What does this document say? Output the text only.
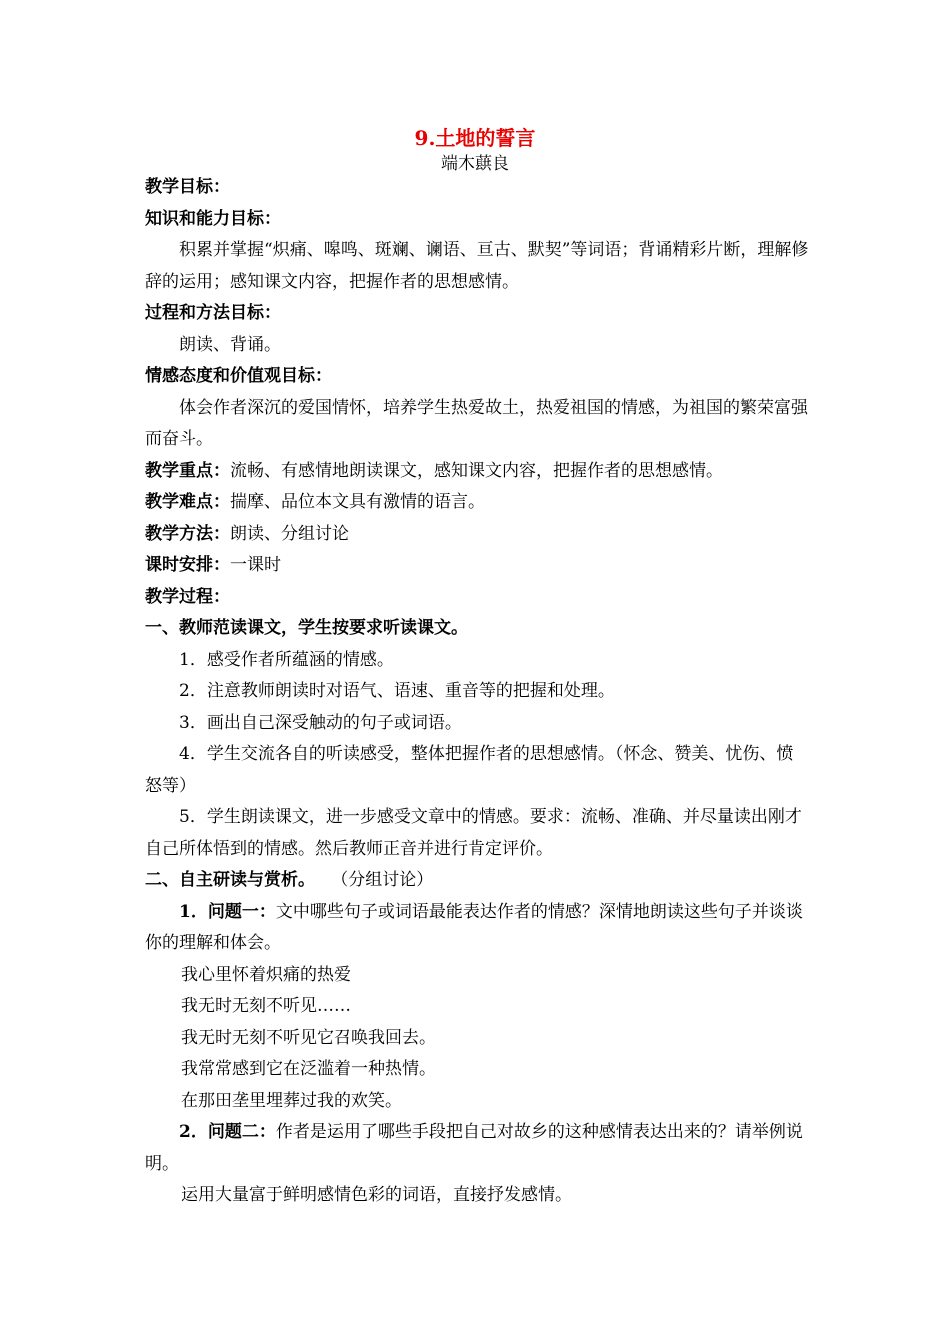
9.土地的誓言
端木蕻良

教学目标：

知识和能力目标：

积累并掌握“炽痛、嗥鸣、斑斓、谰语、亘古、默契”等词语；背诵精彩片断，理解修辞的运用；感知课文内容，把握作者的思想感情。

过程和方法目标：

朗读、背诵。

情感态度和价值观目标：

体会作者深沉的爱国情怀，培养学生热爱故土，热爱祖国的情感，为祖国的繁荣富强而奋斗。

教学重点：流畅、有感情地朗读课文，感知课文内容，把握作者的思想感情。

教学难点：揣摩、品位本文具有激情的语言。

教学方法：朗读、分组讨论

课时安排：一课时

教学过程：

一、教师范读课文，学生按要求听读课文。

1．感受作者所蕴涵的情感。

2．注意教师朗读时对语气、语速、重音等的把握和处理。

3．画出自己深受触动的句子或词语。

4．学生交流各自的听读感受，整体把握作者的思想感情。（怀念、赞美、忧伤、愤怒等）

5．学生朗读课文，进一步感受文章中的情感。要求：流畅、准确、并尽量读出刚才自己所体悟到的情感。然后教师正音并进行肯定评价。

二、自主研读与赏析。 （分组讨论）

1．问题一：文中哪些句子或词语最能表达作者的情感？深情地朗读这些句子并谈谈你的理解和体会。

我心里怀着炽痛的热爱

我无时无刻不听见……

我无时无刻不听见它召唤我回去。

我常常感到它在泛滥着一种热情。

在那田垄里埋葬过我的欢笑。

2．问题二：作者是运用了哪些手段把自己对故乡的这种感情表达出来的？请举例说明。

运用大量富于鲜明感情色彩的词语，直接抒发感情。
